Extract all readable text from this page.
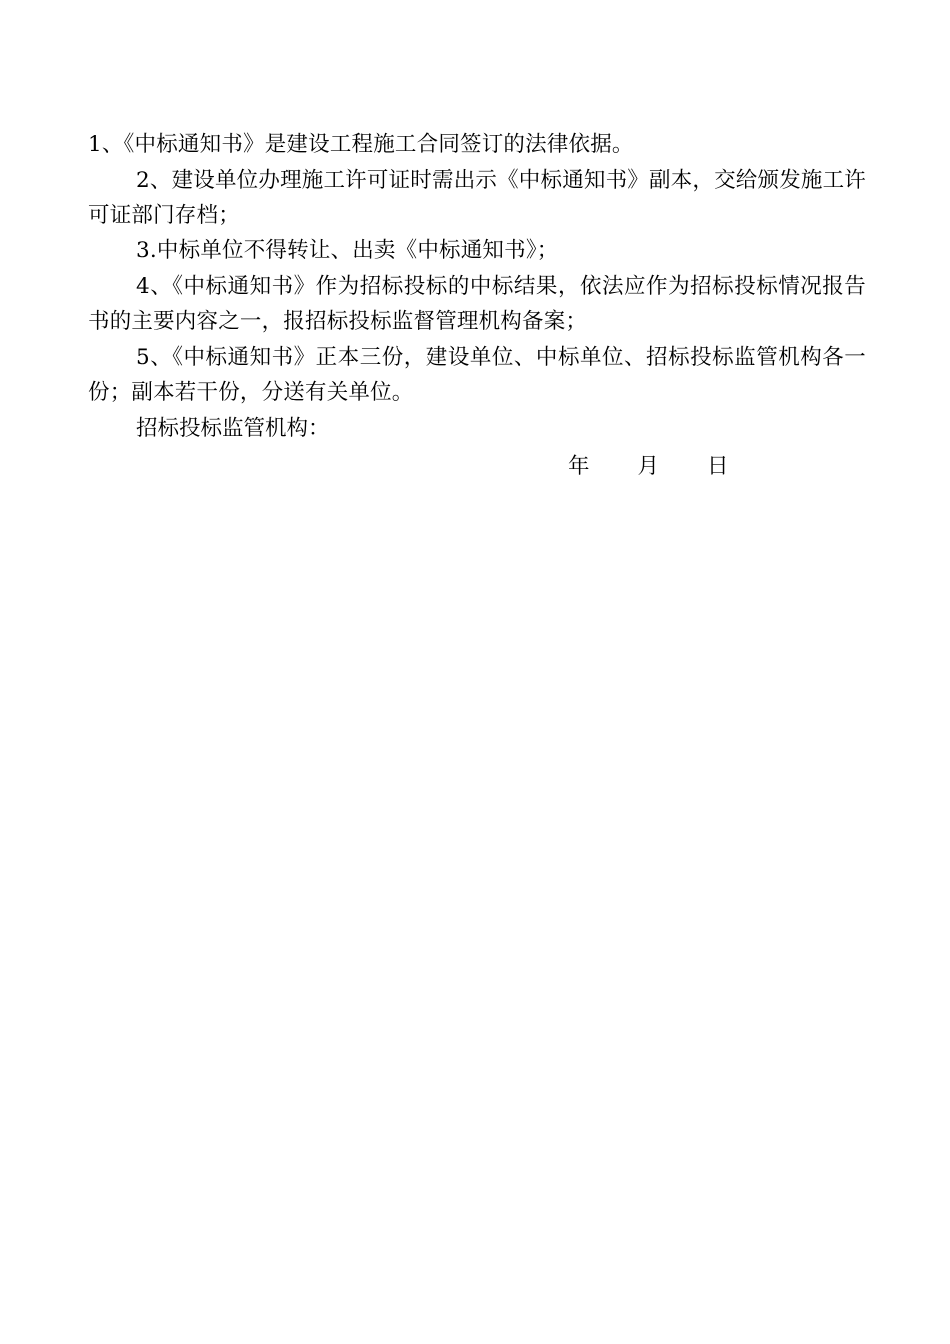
1、《中标通知书》是建设工程施工合同签订的法律依据。

2、建设单位办理施工许可证时需出示《中标通知书》副本，交给颁发施工许可证部门存档；

3.中标单位不得转让、出卖《中标通知书》；

4、《中标通知书》作为招标投标的中标结果，依法应作为招标投标情况报告书的主要内容之一，报招标投标监督管理机构备案；

5、《中标通知书》正本三份，建设单位、中标单位、招标投标监管机构各一份；副本若干份，分送有关单位。

招标投标监管机构：

年      月      日
